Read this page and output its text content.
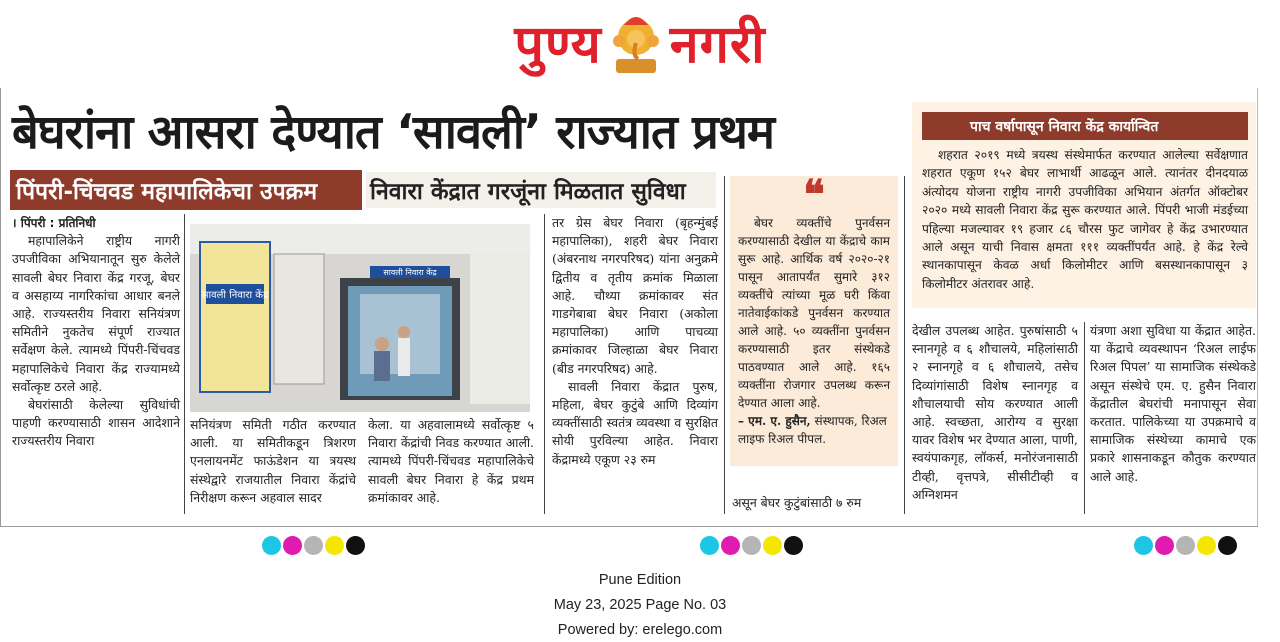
पुण्य नगरी
बेघरांना आसरा देण्यात ‘सावली’ राज्यात प्रथम
पिंपरी-चिंचवड महापालिकेचा उपक्रम	निवारा केंद्रात गरजूंना मिळतात सुविधा
। पिंपरी : प्रतिनिधी

महापालिकेने राष्ट्रीय नागरी उपजीविका अभियानातून सुरु केलेले सावली बेघर निवारा केंद्र गरजू, बेघर व असहाय्य नागरिकांचा आधार बनले आहे. राज्यस्तरीय निवारा सनियंत्रण समितीने नुकतेच संपूर्ण राज्यात सर्वेक्षण केले. त्यामध्ये पिंपरी-चिंचवड महापालिकेचे निवारा केंद्र राज्यामध्ये सर्वोत्कृष्ट ठरले आहे.

बेघरांसाठी केलेल्या सुविधांची पाहणी करण्यासाठी शासन आदेशाने राज्यस्तरीय निवारा

सावली निवारा केंद्र
सावली निवारा केंद्र

सनियंत्रण समिती गठीत करण्यात आली. या समितीकडून त्रिशरण एनलायनमेंट फाऊंडेशन या त्रयस्थ संस्थेद्वारे राजयातील निवारा केंद्रांचे निरीक्षण करून अहवाल सादर

केला. या अहवालामध्ये सर्वोत्कृष्ट ५ निवारा केंद्रांची निवड करण्यात आली. त्यामध्ये पिंपरी-चिंचवड महापालिकेचे सावली बेघर निवारा हे केंद्र प्रथम क्रमांकावर आहे.

तर ग्रेस बेघर निवारा (बृहन्मुंबई महापालिका), शहरी बेघर निवारा (अंबरनाथ नगरपरिषद) यांना अनुक्रमे द्वितीय व तृतीय क्रमांक मिळाला आहे. चौथ्या क्रमांकावर संत गाडगेबाबा बेघर निवारा (अकोला महापालिका) आणि पाचव्या क्रमांकावर जिल्हाळा बेघर निवारा (बीड नगरपरिषद) आहे.

सावली निवारा केंद्रात पुरुष, महिला, बेघर कुटुंबे आणि दिव्यांग व्यक्तींसाठी स्वतंत्र व्यवस्था व सुरक्षित सोयी पुरविल्या आहेत. निवारा केंद्रामध्ये एकूण २३ रुम

❝

बेघर व्यक्तींचे पुनर्वसन करण्यासाठी देखील या केंद्राचे काम सुरू आहे. आर्थिक वर्ष २०२०-२१ पासून आतापर्यंत सुमारे ३१२ व्यक्तींचे त्यांच्या मूळ घरी किंवा नातेवाईकांकडे पुनर्वसन करण्यात आले आहे. ५० व्यक्तींना पुनर्वसन करण्यासाठी इतर संस्थेकडे पाठवण्यात आले आहे. १६५ व्यक्तींना रोजगार उपलब्ध करून देण्यात आला आहे.

– एम. ए. हुसैन, संस्थापक, रिअल लाइफ रिअल पीपल.

असून बेघर कुटुंबांसाठी ७ रुम

पाच वर्षापासून निवारा केंद्र कार्यान्वित

शहरात २०१९ मध्ये त्रयस्थ संस्थेमार्फत करण्यात आलेल्या सर्वेक्षणात शहरात एकूण १५२ बेघर लाभार्थी आढळून आले. त्यानंतर दीनदयाळ अंत्योदय योजना राष्ट्रीय नागरी उपजीविका अभियान अंतर्गत ऑक्टोबर २०२० मध्ये सावली निवारा केंद्र सुरू करण्यात आले. पिंपरी भाजी मंडईच्या पहिल्या मजल्यावर १९ हजार ८६ चौरस फुट जागेवर हे केंद्र उभारण्यात आले असून याची निवास क्षमता १११ व्यक्तींपर्यंत आहे. हे केंद्र रेल्वे स्थानकापासून केवळ अर्धा किलोमीटर आणि बसस्थानकापासून ३ किलोमीटर अंतरावर आहे.

देखील उपलब्ध आहेत. पुरुषांसाठी ५ स्नानगृहे व ६ शौचालये, महिलांसाठी २ स्नानगृहे व ६ शौचालये, तसेच दिव्यांगांसाठी विशेष स्नानगृह व शौचालयाची सोय करण्यात आली आहे. स्वच्छता, आरोग्य व सुरक्षा यावर विशेष भर देण्यात आला, पाणी, स्वयंपाकगृह, लॉकर्स, मनोरंजनासाठी टीव्ही, वृत्तपत्रे, सीसीटीव्ही व अग्निशमन

यंत्रणा अशा सुविधा या केंद्रात आहेत. या केंद्राचे व्यवस्थापन ‘रिअल लाईफ रिअल पिपल’ या सामाजिक संस्थेकडे असून संस्थेचे एम. ए. हुसैन निवारा केंद्रातील बेघरांची मनापासून सेवा करतात. पालिकेच्या या उपक्रमाचे व सामाजिक संस्थेच्या कामाचे एक प्रकारे शासनाकडून कौतुक करण्यात आले आहे.

Pune Edition
May 23, 2025 Page No. 03
Powered by: erelego.com
